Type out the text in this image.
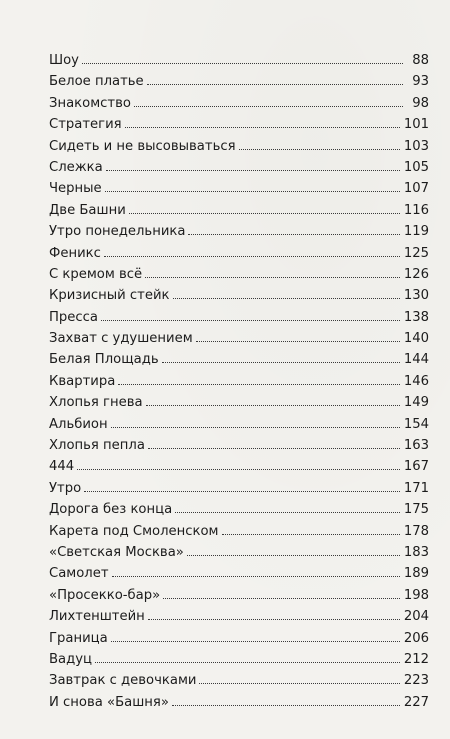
Шоу	88
Белое платье	93
Знакомство	98
Стратегия	101
Сидеть и не высовываться	103
Слежка	105
Черные	107
Две Башни	116
Утро понедельника	119
Феникс	125
С кремом всё	126
Кризисный стейк	130
Пресса	138
Захват с удушением	140
Белая Площадь	144
Квартира	146
Хлопья гнева	149
Альбион	154
Хлопья пепла	163
444	167
Утро	171
Дорога без конца	175
Карета под Смоленском	178
«Светская Москва»	183
Самолет	189
«Просекко-бар»	198
Лихтенштейн	204
Граница	206
Вадуц	212
Завтрак с девочками	223
И снова «Башня»	227
